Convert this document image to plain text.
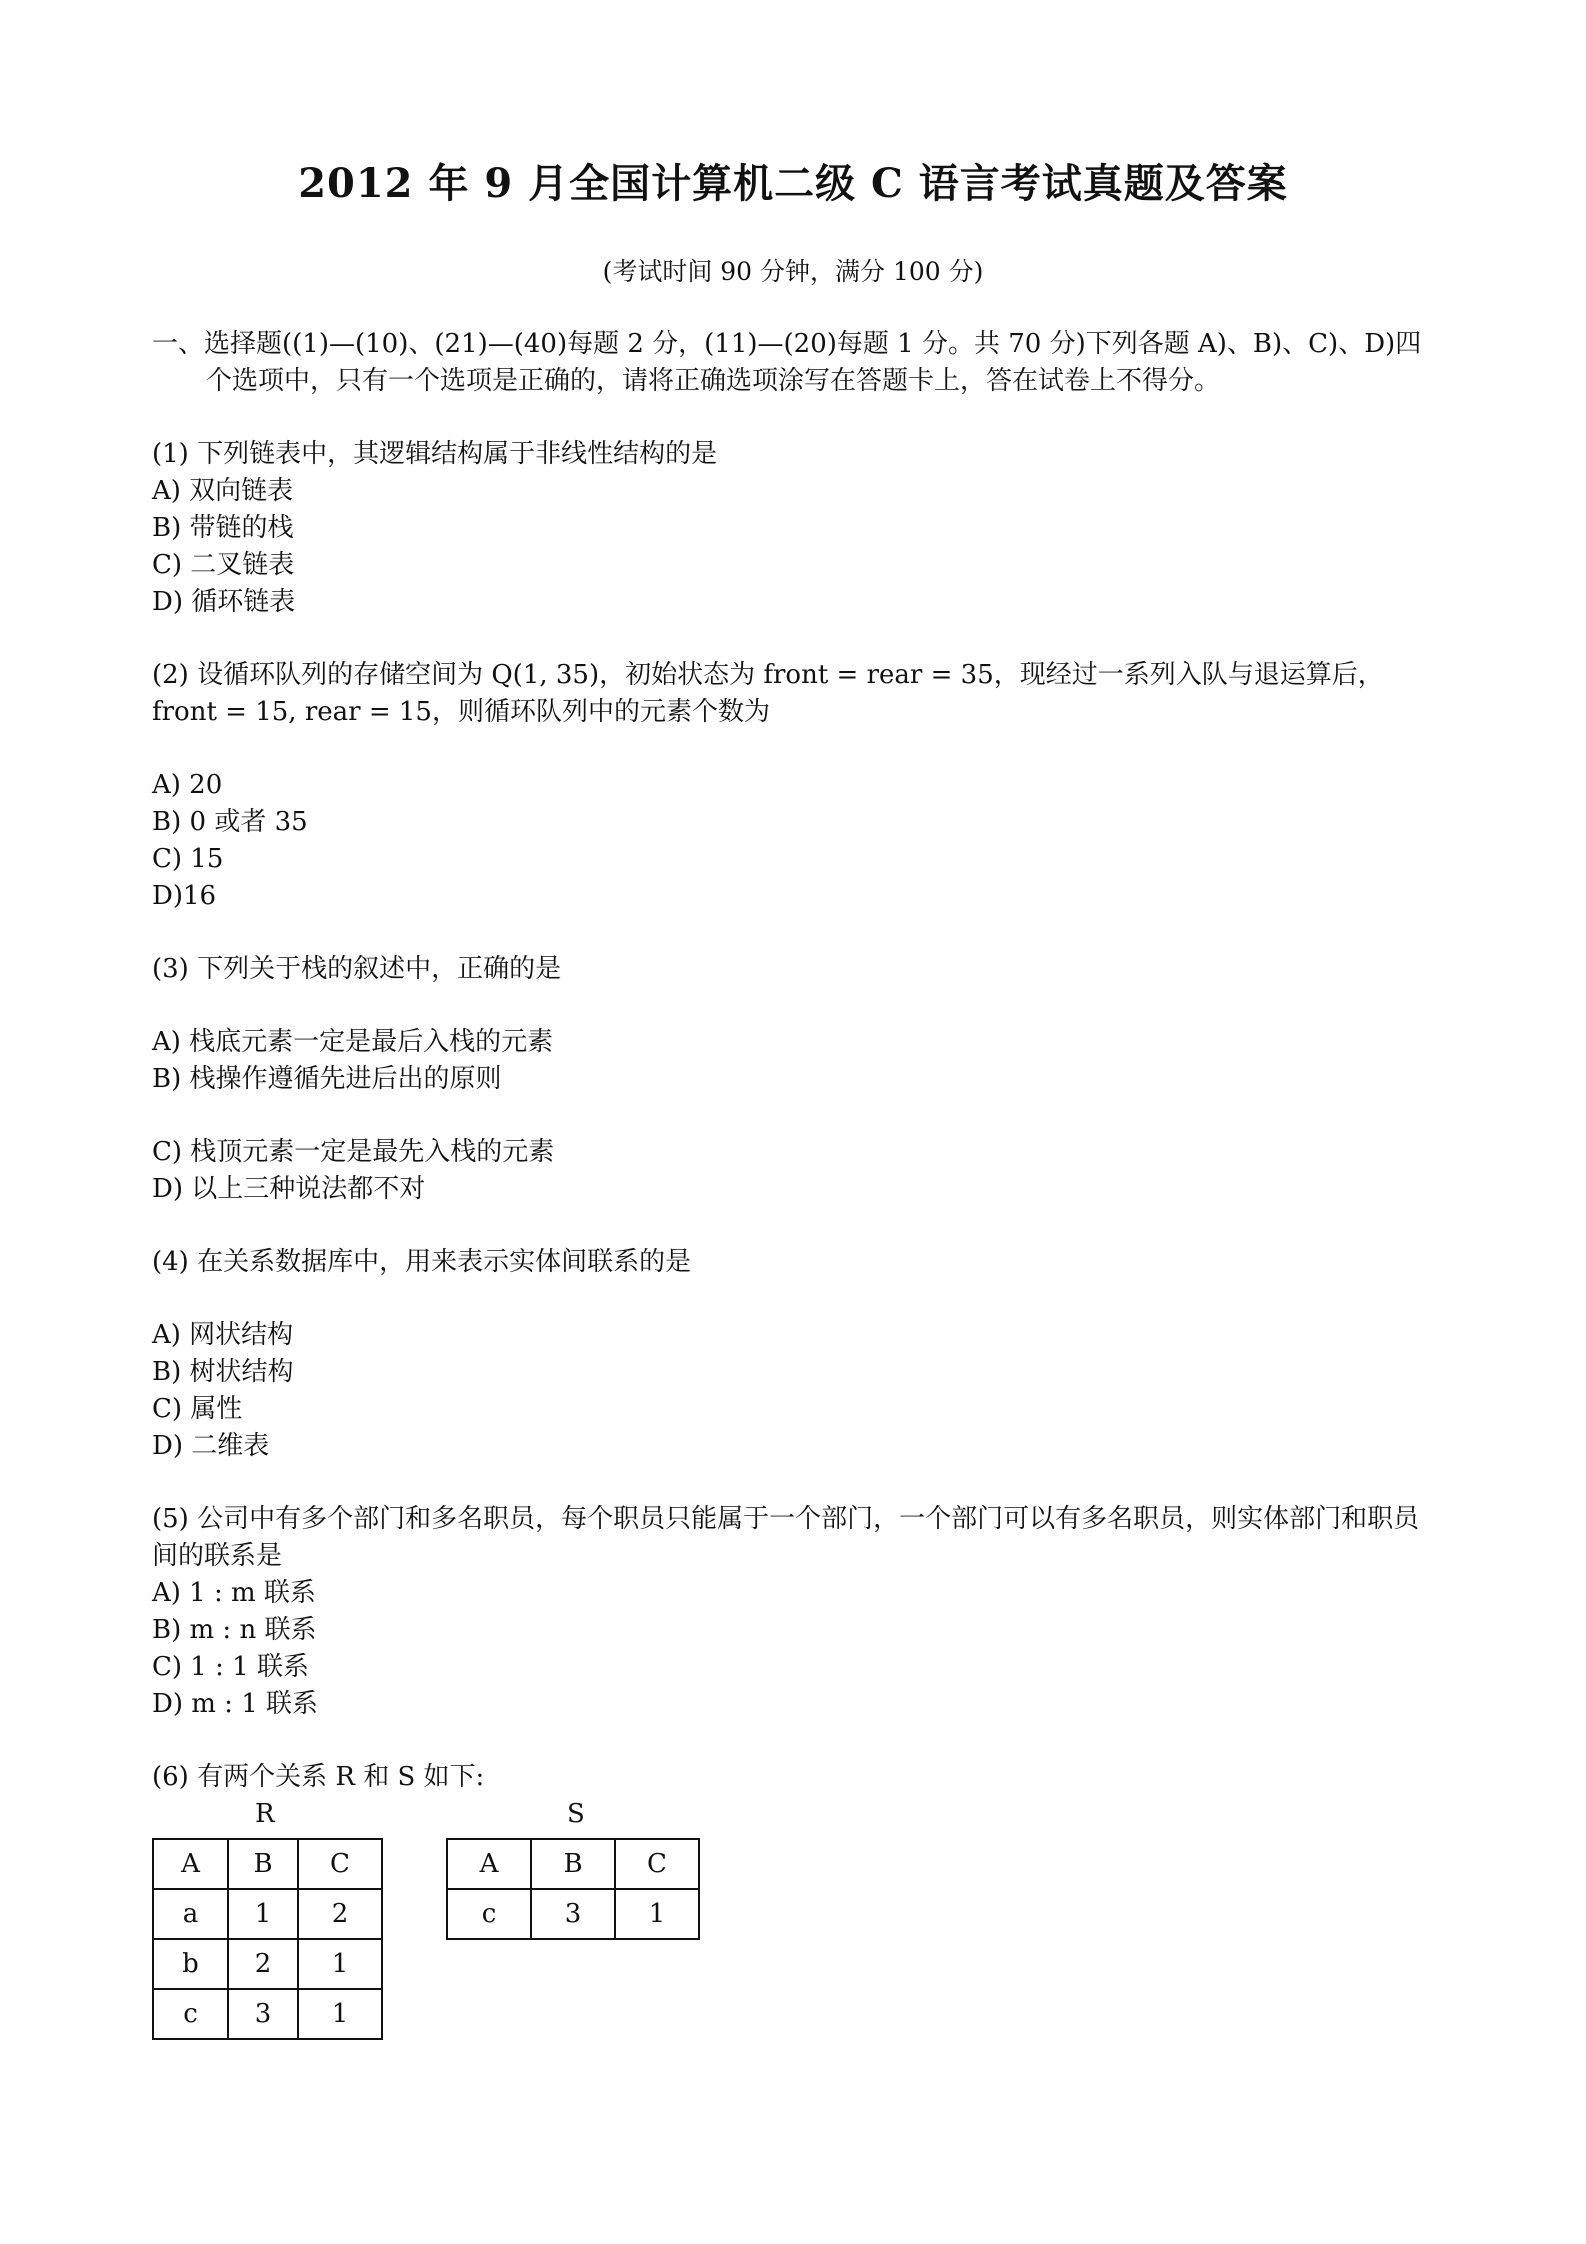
2012 年 9 月全国计算机二级 C 语言考试真题及答案
(考试时间 90 分钟，满分 100 分)

一、选择题((1)—(10)、(21)—(40)每题 2 分，(11)—(20)每题 1 分。共 70 分)下列各题 A)、B)、C)、D)四个选项中，只有一个选项是正确的，请将正确选项涂写在答题卡上，答在试卷上不得分。

(1) 下列链表中，其逻辑结构属于非线性结构的是

A) 双向链表

B) 带链的栈

C) 二叉链表

D) 循环链表

(2) 设循环队列的存储空间为 Q(1, 35)，初始状态为 front = rear = 35，现经过一系列入队与退运算后，front = 15, rear = 15，则循环队列中的元素个数为

A) 20

B) 0 或者 35

C) 15

D)16

(3) 下列关于栈的叙述中，正确的是

A) 栈底元素一定是最后入栈的元素

B) 栈操作遵循先进后出的原则

C) 栈顶元素一定是最先入栈的元素

D) 以上三种说法都不对

(4) 在关系数据库中，用来表示实体间联系的是

A) 网状结构

B) 树状结构

C) 属性

D) 二维表

(5) 公司中有多个部门和多名职员，每个职员只能属于一个部门，一个部门可以有多名职员，则实体部门和职员间的联系是

A) 1 : m 联系

B) m : n 联系

C) 1 : 1 联系

D) m : 1 联系

(6) 有两个关系 R 和 S 如下:

R	S
A	B	C
a	1	2
b	2	1
c	3	1
A	B	C
c	3	1
